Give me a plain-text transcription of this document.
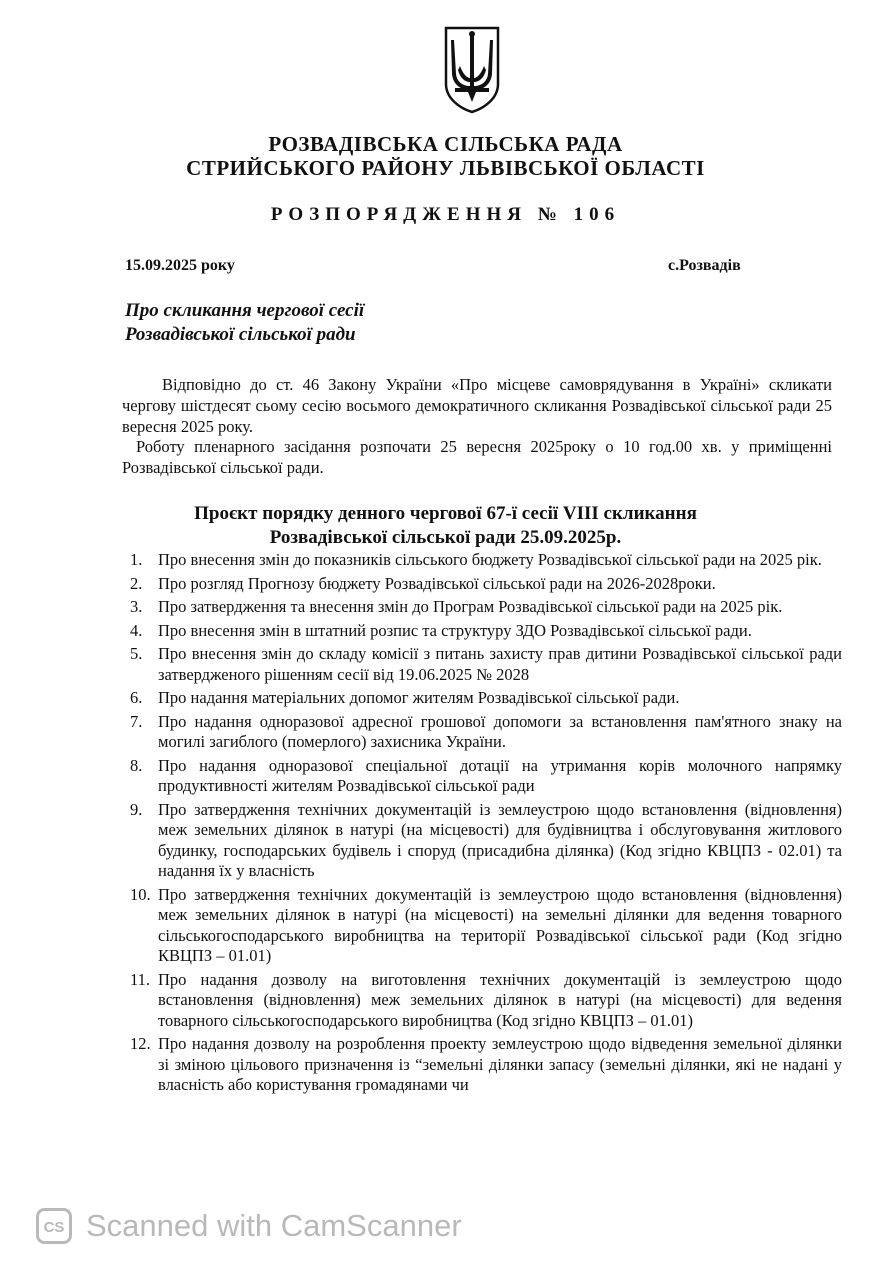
РОЗВАДІВСЬКА СІЛЬСЬКА РАДА
СТРИЙСЬКОГО РАЙОНУ ЛЬВІВСЬКОЇ ОБЛАСТІ
РОЗПОРЯДЖЕННЯ № 106
15.09.2025 року	с.Розвадів
Про скликання чергової сесії
Розвадівської сільської ради
Відповідно до ст. 46 Закону України «Про місцеве самоврядування в Україні» скликати чергову шістдесят сьому сесію восьмого демократичного скликання Розвадівської сільської ради 25 вересня 2025 року.
Роботу пленарного засідання розпочати 25 вересня 2025року о 10 год.00 хв. у приміщенні Розвадівської сільської ради.
Проєкт порядку денного чергової 67-ї сесії VIII скликання
Розвадівської сільської ради 25.09.2025р.
1. Про внесення змін до показників сільського бюджету Розвадівської сільської ради на 2025 рік.
2. Про розгляд Прогнозу бюджету Розвадівської сільської ради на 2026-2028роки.
3. Про затвердження та внесення змін до Програм Розвадівської сільської ради на 2025 рік.
4. Про внесення змін в штатний розпис та структуру ЗДО Розвадівської сільської ради.
5. Про внесення змін до складу комісії з питань захисту прав дитини Розвадівської сільської ради затвердженого рішенням сесії від 19.06.2025 № 2028
6. Про надання матеріальних допомог жителям Розвадівської сільської ради.
7. Про надання одноразової адресної грошової допомоги за встановлення пам'ятного знаку на могилі загиблого (померлого) захисника України.
8. Про надання одноразової спеціальної дотації на утримання корів молочного напрямку продуктивності жителям Розвадівської сільської ради
9. Про затвердження технічних документацій із землеустрою щодо встановлення (відновлення) меж земельних ділянок в натурі (на місцевості) для будівництва і обслуговування житлового будинку, господарських будівель і споруд (присадибна ділянка) (Код згідно КВЦПЗ - 02.01) та надання їх у власність
10. Про затвердження технічних документацій із землеустрою щодо встановлення (відновлення) меж земельних ділянок в натурі (на місцевості) на земельні ділянки для ведення товарного сільськогосподарського виробництва на території Розвадівської сільської ради (Код згідно КВЦПЗ – 01.01)
11. Про надання дозволу на виготовлення технічних документацій із землеустрою щодо встановлення (відновлення) меж земельних ділянок в натурі (на місцевості) для ведення товарного сільськогосподарського виробництва (Код згідно КВЦПЗ – 01.01)
12. Про надання дозволу на розроблення проекту землеустрою щодо відведення земельної ділянки зі зміною цільового призначення із “земельні ділянки запасу (земельні ділянки, які не надані у власність або користування громадянами чи
CS Scanned with CamScanner
